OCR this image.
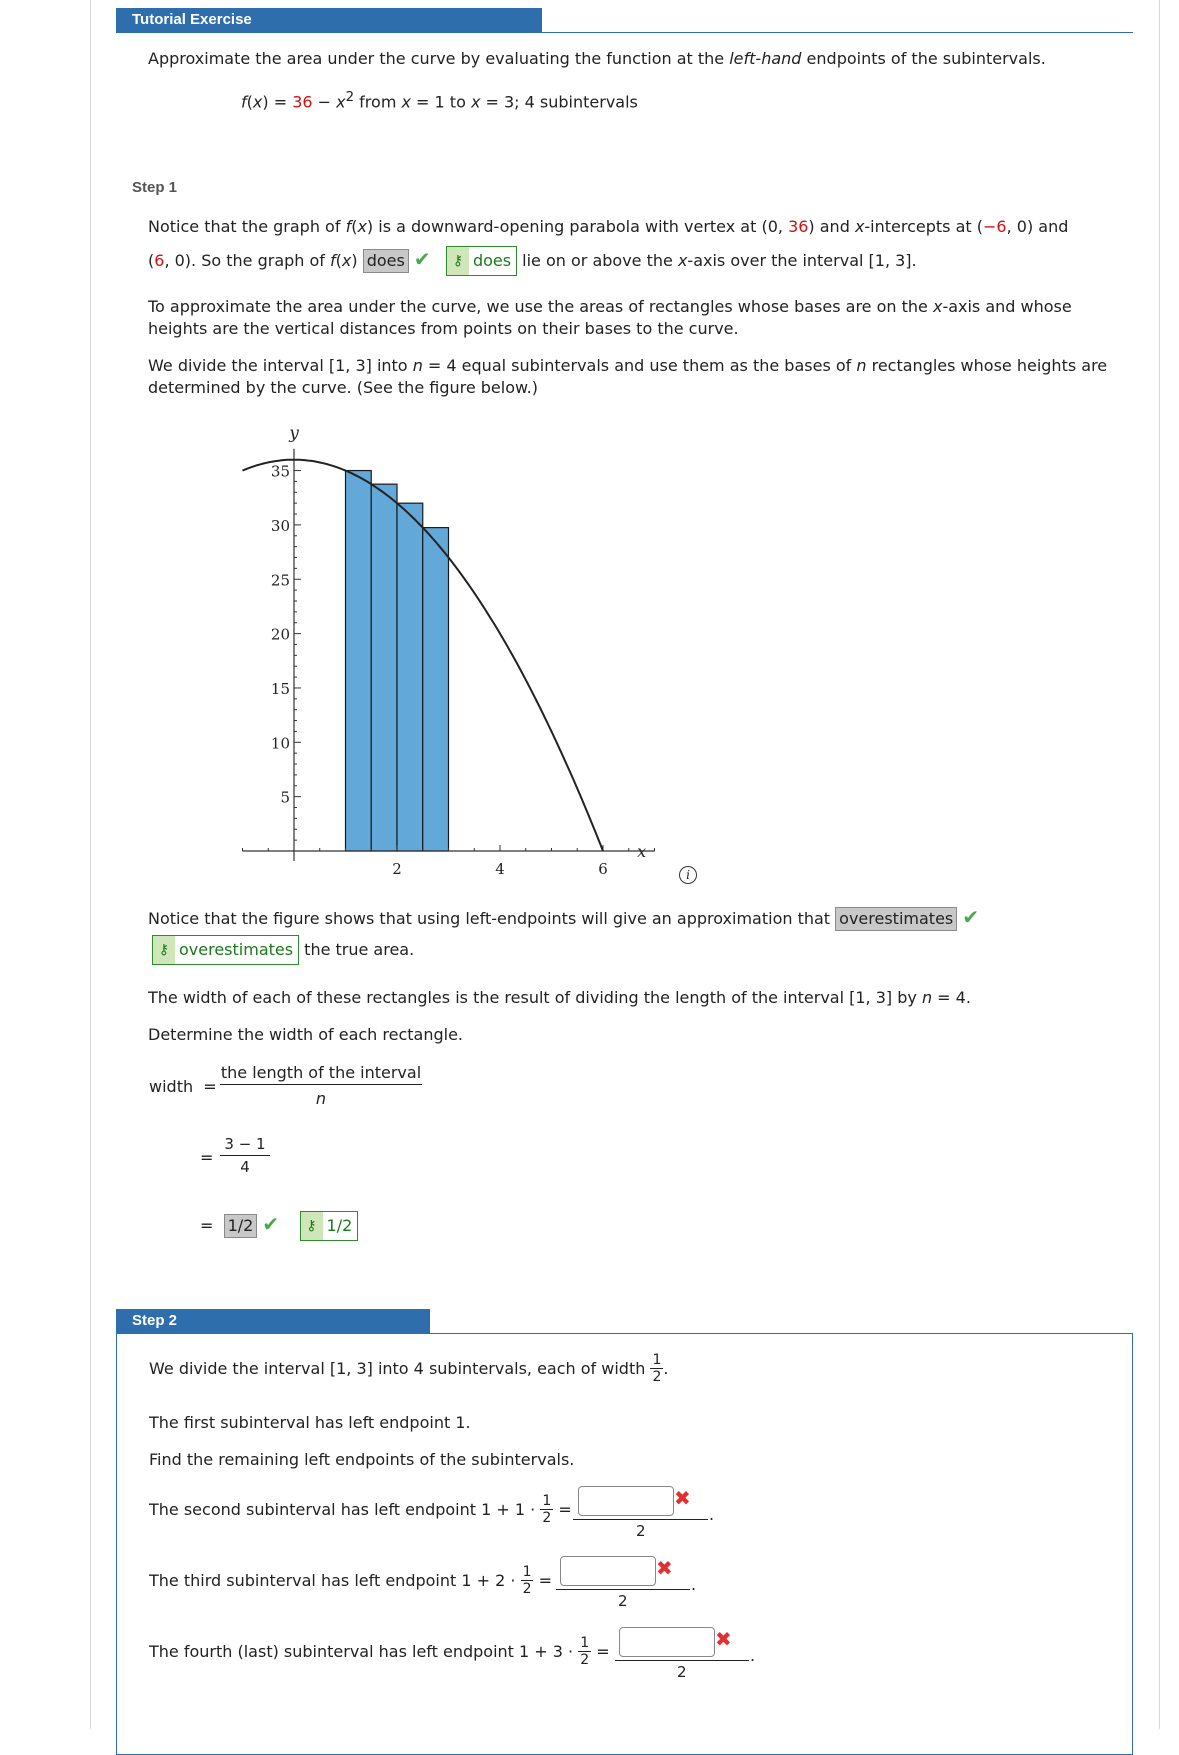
Tutorial Exercise
Approximate the area under the curve by evaluating the function at the left-hand endpoints of the subintervals.
$f(x) = 36 - x^2$ from x = 1 to x = 3; 4 subintervals
Step 1
Notice that the graph of f(x) is a downward-opening parabola with vertex at (0, 36) and x-intercepts at (−6, 0) and
(6, 0). So the graph of f(x) does ✔ ⚷ does lie on or above the x-axis over the interval [1, 3].
To approximate the area under the curve, we use the areas of rectangles whose bases are on the x-axis and whose
heights are the vertical distances from points on their bases to the curve.
We divide the interval [1, 3] into n = 4 equal subintervals and use them as the bases of n rectangles whose heights are
determined by the curve. (See the figure below.)
2	4	6
5
10
15
20
25
30
35
x
y
i
Notice that the figure shows that using left-endpoints will give an approximation that overestimates ✔
⚷ overestimates the true area.
The width of each of these rectangles is the result of dividing the length of the interval [1, 3] by n = 4.
Determine the width of each rectangle.
width =
the length of the interval
n
=
3 − 1
4
= 1/2 ✔ ⚷ 1/2
Step 2
We divide the interval [1, 3] into 4 subintervals, each of width $\frac{1}{2}$ .
The first subinterval has left endpoint 1.
Find the remaining left endpoints of the subintervals.
The second subinterval has left endpoint $1 + 1 \cdot \frac{1}{2}$ =	✖
2
.
The third subinterval has left endpoint $1 + 2 \cdot \frac{1}{2}$ =
✖
2
.
The fourth (last) subinterval has left endpoint $1 + 3 \cdot \frac{1}{2}$ =
✖
2
.
